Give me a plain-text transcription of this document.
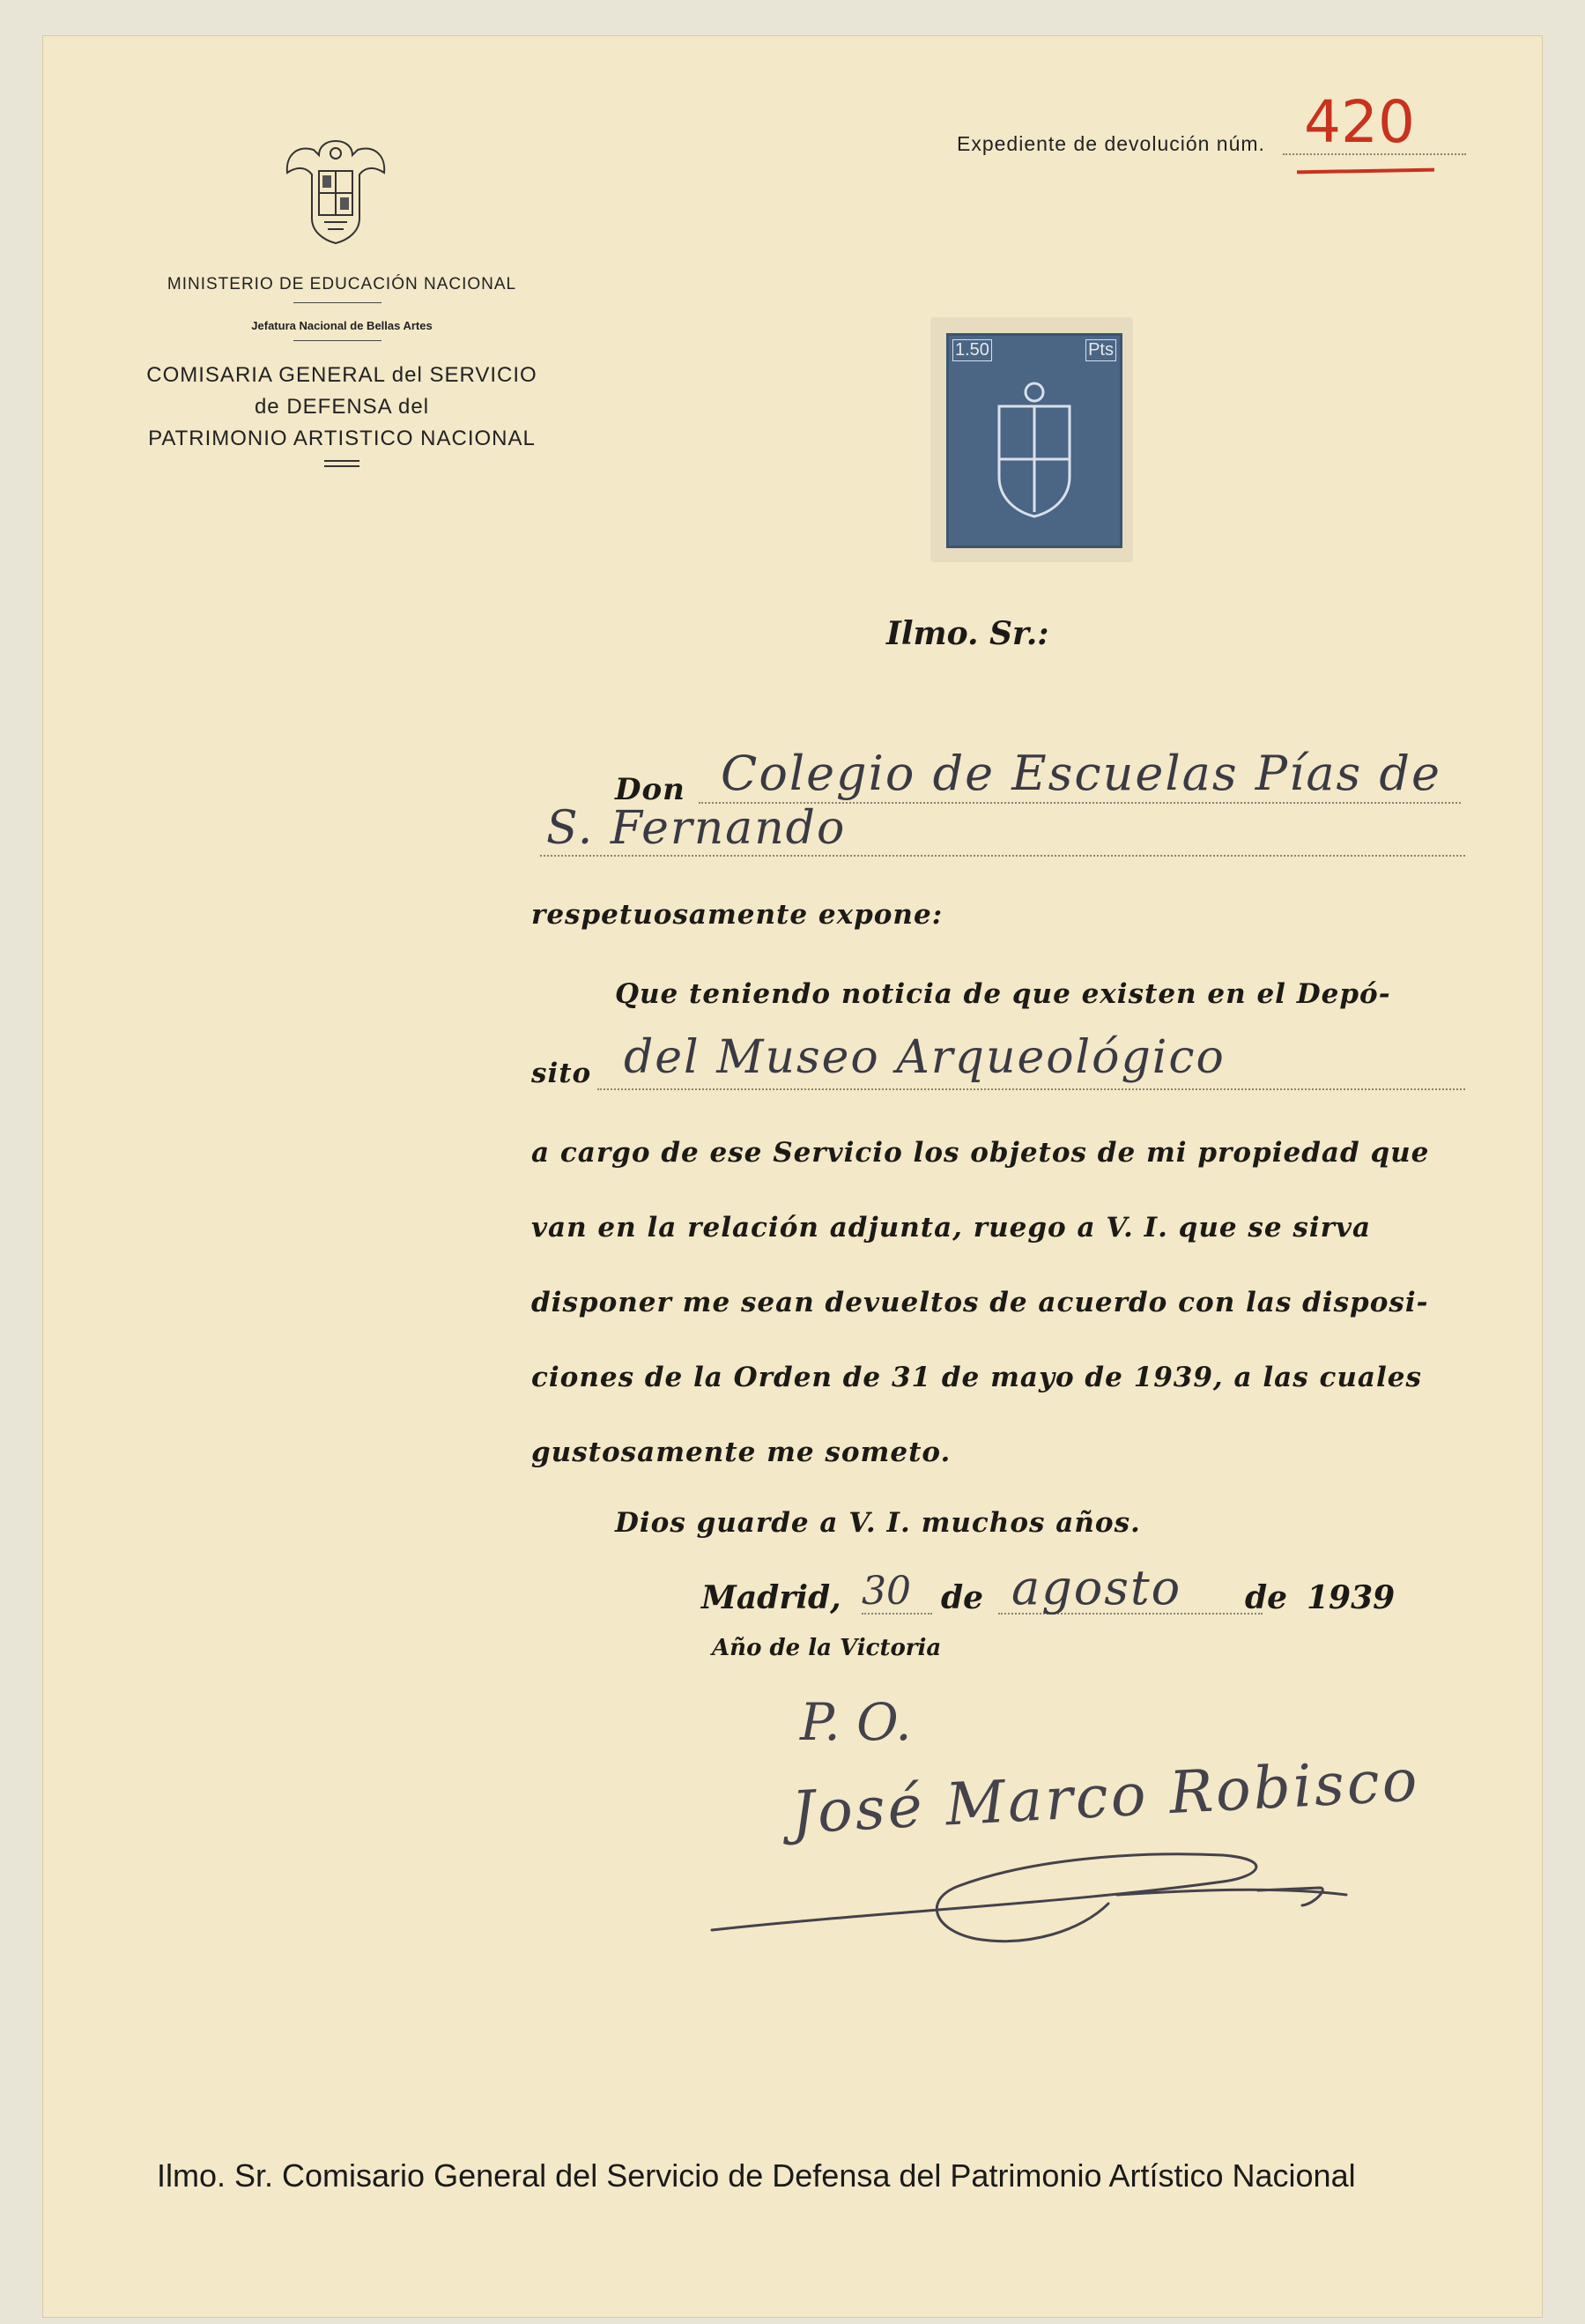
MINISTERIO DE EDUCACIÓN NACIONAL
Jefatura Nacional de Bellas Artes
COMISARIA GENERAL del SERVICIO
de DEFENSA del
PATRIMONIO ARTISTICO NACIONAL
Expediente de devolución núm. 420
1.50	Pts
Ilmo. Sr.:
Don Colegio de Escuelas Pías de
S. Fernando
respetuosamente expone:
Que teniendo noticia de que existen en el Depó-
sito del Museo Arqueológico
a cargo de ese Servicio los objetos de mi propiedad que
van en la relación adjunta, ruego a V. I. que se sirva
disponer me sean devueltos de acuerdo con las disposi-
ciones de la Orden de 31 de mayo de 1939, a las cuales
gustosamente me someto.
Dios guarde a V. I. muchos años.
Madrid, 30 de agosto de 1939
Año de la Victoria
P. O.
José Marco Robisco
Ilmo. Sr. Comisario General del Servicio de Defensa del Patrimonio Artístico Nacional
